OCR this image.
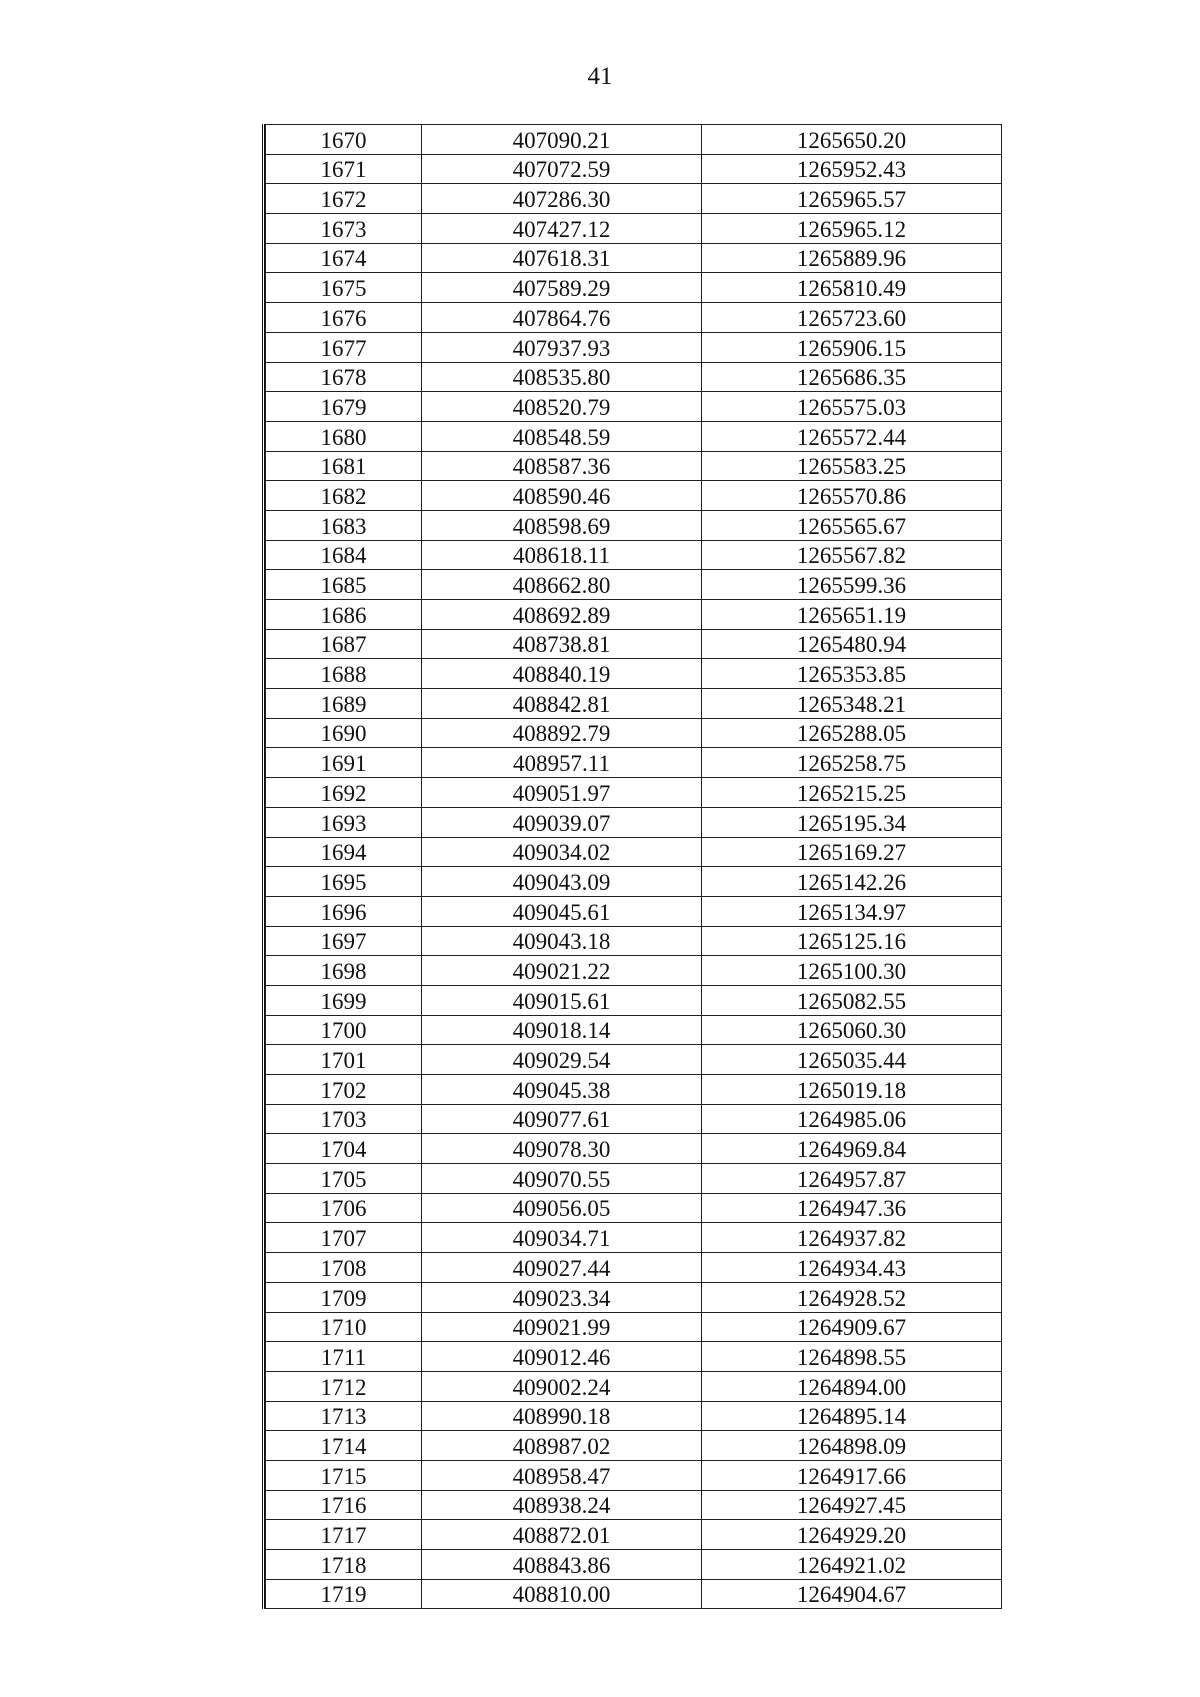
41
1670	407090.21	1265650.20
1671	407072.59	1265952.43
1672	407286.30	1265965.57
1673	407427.12	1265965.12
1674	407618.31	1265889.96
1675	407589.29	1265810.49
1676	407864.76	1265723.60
1677	407937.93	1265906.15
1678	408535.80	1265686.35
1679	408520.79	1265575.03
1680	408548.59	1265572.44
1681	408587.36	1265583.25
1682	408590.46	1265570.86
1683	408598.69	1265565.67
1684	408618.11	1265567.82
1685	408662.80	1265599.36
1686	408692.89	1265651.19
1687	408738.81	1265480.94
1688	408840.19	1265353.85
1689	408842.81	1265348.21
1690	408892.79	1265288.05
1691	408957.11	1265258.75
1692	409051.97	1265215.25
1693	409039.07	1265195.34
1694	409034.02	1265169.27
1695	409043.09	1265142.26
1696	409045.61	1265134.97
1697	409043.18	1265125.16
1698	409021.22	1265100.30
1699	409015.61	1265082.55
1700	409018.14	1265060.30
1701	409029.54	1265035.44
1702	409045.38	1265019.18
1703	409077.61	1264985.06
1704	409078.30	1264969.84
1705	409070.55	1264957.87
1706	409056.05	1264947.36
1707	409034.71	1264937.82
1708	409027.44	1264934.43
1709	409023.34	1264928.52
1710	409021.99	1264909.67
1711	409012.46	1264898.55
1712	409002.24	1264894.00
1713	408990.18	1264895.14
1714	408987.02	1264898.09
1715	408958.47	1264917.66
1716	408938.24	1264927.45
1717	408872.01	1264929.20
1718	408843.86	1264921.02
1719	408810.00	1264904.67
